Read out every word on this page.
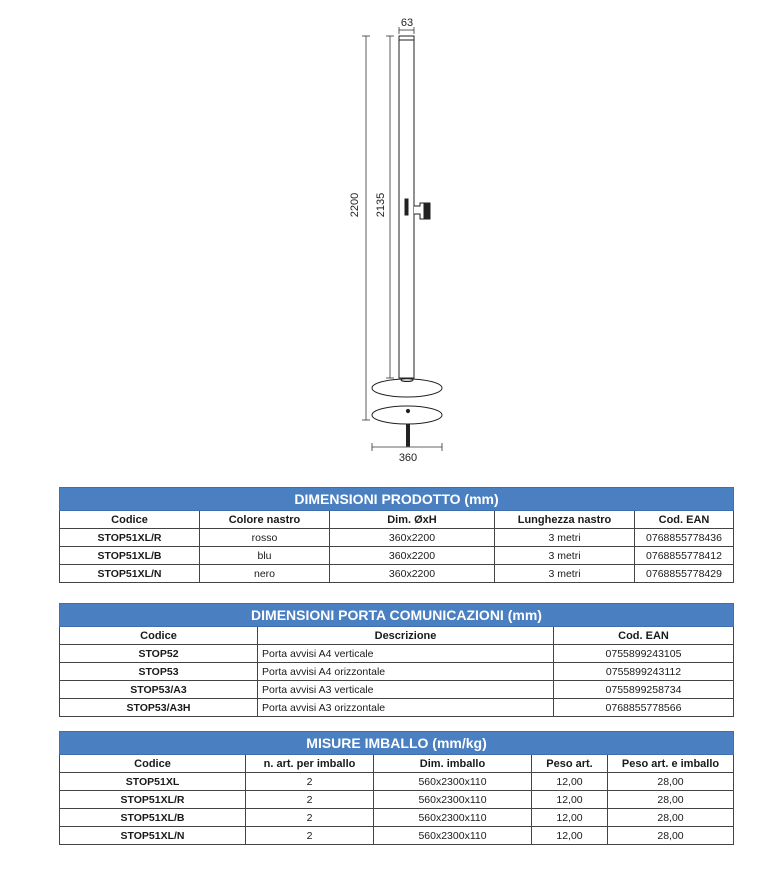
63
2200 2135
360
DIMENSIONI PRODOTTO (mm)				
Codice	Colore nastro	Dim. ØxH	Lunghezza nastro	Cod. EAN
STOP51XL/R	rosso	360x2200	3 metri	0768855778436
STOP51XL/B	blu	360x2200	3 metri	0768855778412
STOP51XL/N	nero	360x2200	3 metri	0768855778429
DIMENSIONI PORTA COMUNICAZIONI (mm)		
Codice	Descrizione	Cod. EAN
STOP52	Porta avvisi A4 verticale	0755899243105
STOP53	Porta avvisi A4 orizzontale	0755899243112
STOP53/A3	Porta avvisi A3 verticale	0755899258734
STOP53/A3H	Porta avvisi A3 orizzontale	0768855778566
MISURE IMBALLO (mm/kg)				
Codice	n. art. per imballo	Dim. imballo	Peso art.	Peso art. e imballo
STOP51XL	2	560x2300x110	12,00	28,00
STOP51XL/R	2	560x2300x110	12,00	28,00
STOP51XL/B	2	560x2300x110	12,00	28,00
STOP51XL/N	2	560x2300x110	12,00	28,00
